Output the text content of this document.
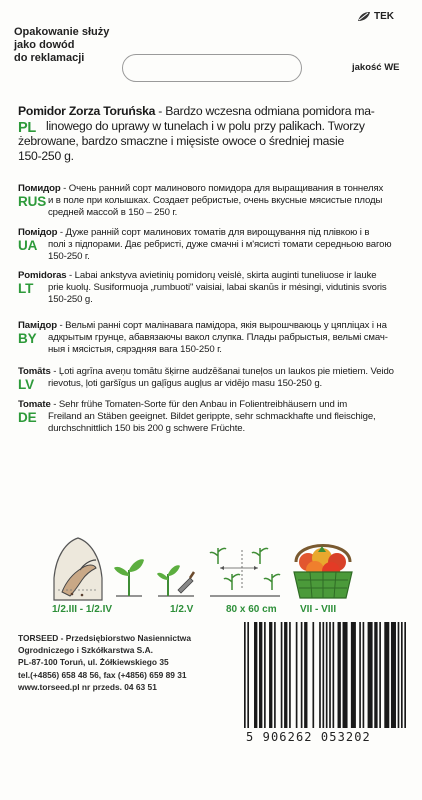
Opakowanie służy
jako dowód
do reklamacji
TEK
jakość WE
PL

Pomidor Zorza Toruńska - Bardzo wczesna odmiana pomidora ma-

linowego do uprawy w tunelach i w polu przy palikach. Tworzy

żebrowane, bardzo smaczne i mięsiste owoce o średniej masie

150-250 g.

RUS
Помидор - Очень ранний сорт малинового помидора для выращивания в тоннелях
и в поле при колышках. Создает ребристые, очень вкусные мясистые плоды
средней массой в 150 – 250 г.
UA
Помідор - Дуже ранній сорт малинових томатів для вирощування під плівкою і в
полі з підпорами. Дає ребристі, дуже смачні і м'ясисті томати середньою вагою
150-250 г.
LT
Pomidoras - Labai ankstyva avietinių pomidorų veislė, skirta auginti tuneliuose ir lauke
prie kuolų. Susiformuoja „rumbuoti" vaisiai, labai skanūs ir mėsingi, vidutinis svoris
150-250 g.
BY
Памідор - Вельмі ранні сорт малінавага памідора, якія вырошчваюць у цяпліцах і на
адкрытым грунце, абавязаючы вакол слупка. Плады рабрыстыя, вельмі смач-
ныя і мясістыя, сярэдняя вага 150-250 г.
LV
Tomāts - Ļoti agrīna aveņu tomātu šķirne audzēšanai tuneļos un laukos pie mietiem. Veido
rievotus, ļoti garšīgus un gaļīgus augļus ar vidējo masu 150-250 g.
DE
Tomate - Sehr frühe Tomaten-Sorte für den Anbau in Folientreibhäusern und im
Freiland an Stäben geeignet. Bildet gerippte, sehr schmackhafte und fleischige,
durchschnittlich 150 bis 200 g schwere Früchte.
1/2.III - 1/2.IV	1/2.V	80 x 60 cm VII - VIII
TORSEED - Przedsiębiorstwo Nasiennictwa
Ogrodniczego i Szkółkarstwa S.A.
PL-87-100 Toruń, ul. Żółkiewskiego 35
tel.(+4856) 658 48 56, fax (+4856) 659 89 31
www.torseed.pl nr przeds. 04 63 51
5 906262 053202
